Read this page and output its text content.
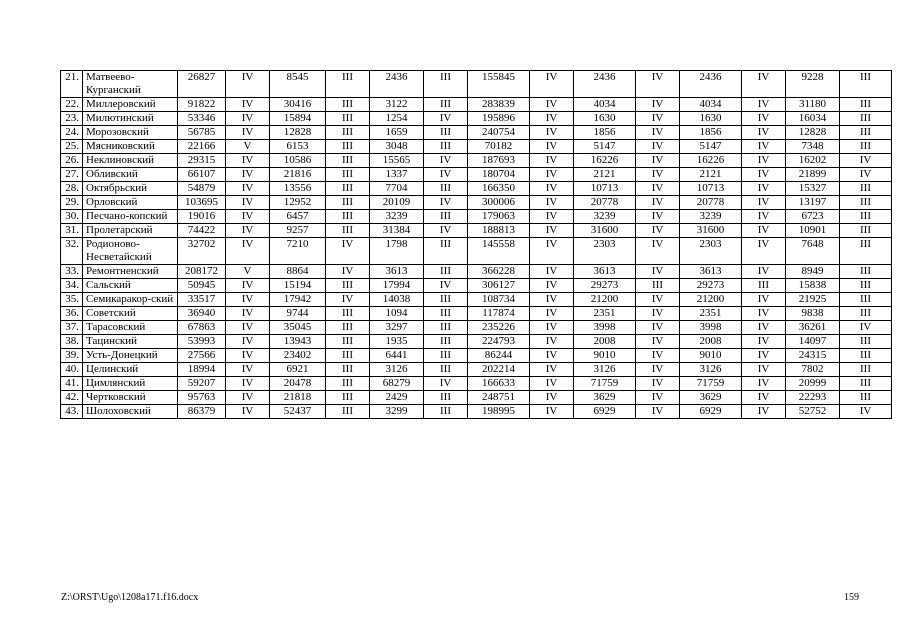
21.	Матвеево-Курганский	26827	IV	8545	III	2436	III	155845	IV	2436	IV	2436	IV	9228	III
22.	Миллеровский	91822	IV	30416	III	3122	III	283839	IV	4034	IV	4034	IV	31180	III
23.	Милютинский	53346	IV	15894	III	1254	IV	195896	IV	1630	IV	1630	IV	16034	III
24.	Морозовский	56785	IV	12828	III	1659	III	240754	IV	1856	IV	1856	IV	12828	III
25.	Мясниковский	22166	V	6153	III	3048	III	70182	IV	5147	IV	5147	IV	7348	III
26.	Неклиновский	29315	IV	10586	III	15565	IV	187693	IV	16226	IV	16226	IV	16202	IV
27.	Обливский	66107	IV	21816	III	1337	IV	180704	IV	2121	IV	2121	IV	21899	IV
28.	Октябрьский	54879	IV	13556	III	7704	III	166350	IV	10713	IV	10713	IV	15327	III
29.	Орловский	103695	IV	12952	III	20109	IV	300006	IV	20778	IV	20778	IV	13197	III
30.	Песчано-копский	19016	IV	6457	III	3239	III	179063	IV	3239	IV	3239	IV	6723	III
31.	Пролетарский	74422	IV	9257	III	31384	IV	188813	IV	31600	IV	31600	IV	10901	III
32.	Родионово-Несветайский	32702	IV	7210	IV	1798	III	145558	IV	2303	IV	2303	IV	7648	III
33.	Ремонтненский	208172	V	8864	IV	3613	III	366228	IV	3613	IV	3613	IV	8949	III
34.	Сальский	50945	IV	15194	III	17994	IV	306127	IV	29273	III	29273	III	15838	III
35.	Семикаракор-ский	33517	IV	17942	IV	14038	III	108734	IV	21200	IV	21200	IV	21925	III
36.	Советский	36940	IV	9744	III	1094	III	117874	IV	2351	IV	2351	IV	9838	III
37.	Тарасовский	67863	IV	35045	III	3297	III	235226	IV	3998	IV	3998	IV	36261	IV
38.	Тацинский	53993	IV	13943	III	1935	III	224793	IV	2008	IV	2008	IV	14097	III
39.	Усть-Донецкий	27566	IV	23402	III	6441	III	86244	IV	9010	IV	9010	IV	24315	III
40.	Целинский	18994	IV	6921	III	3126	III	202214	IV	3126	IV	3126	IV	7802	III
41.	Цимлянский	59207	IV	20478	III	68279	IV	166633	IV	71759	IV	71759	IV	20999	III
42.	Чертковский	95763	IV	21818	III	2429	III	248751	IV	3629	IV	3629	IV	22293	III
43.	Шолоховский	86379	IV	52437	III	3299	III	198995	IV	6929	IV	6929	IV	52752	IV
Z:\ORST\Ugo\1208a171.f16.docx	159
